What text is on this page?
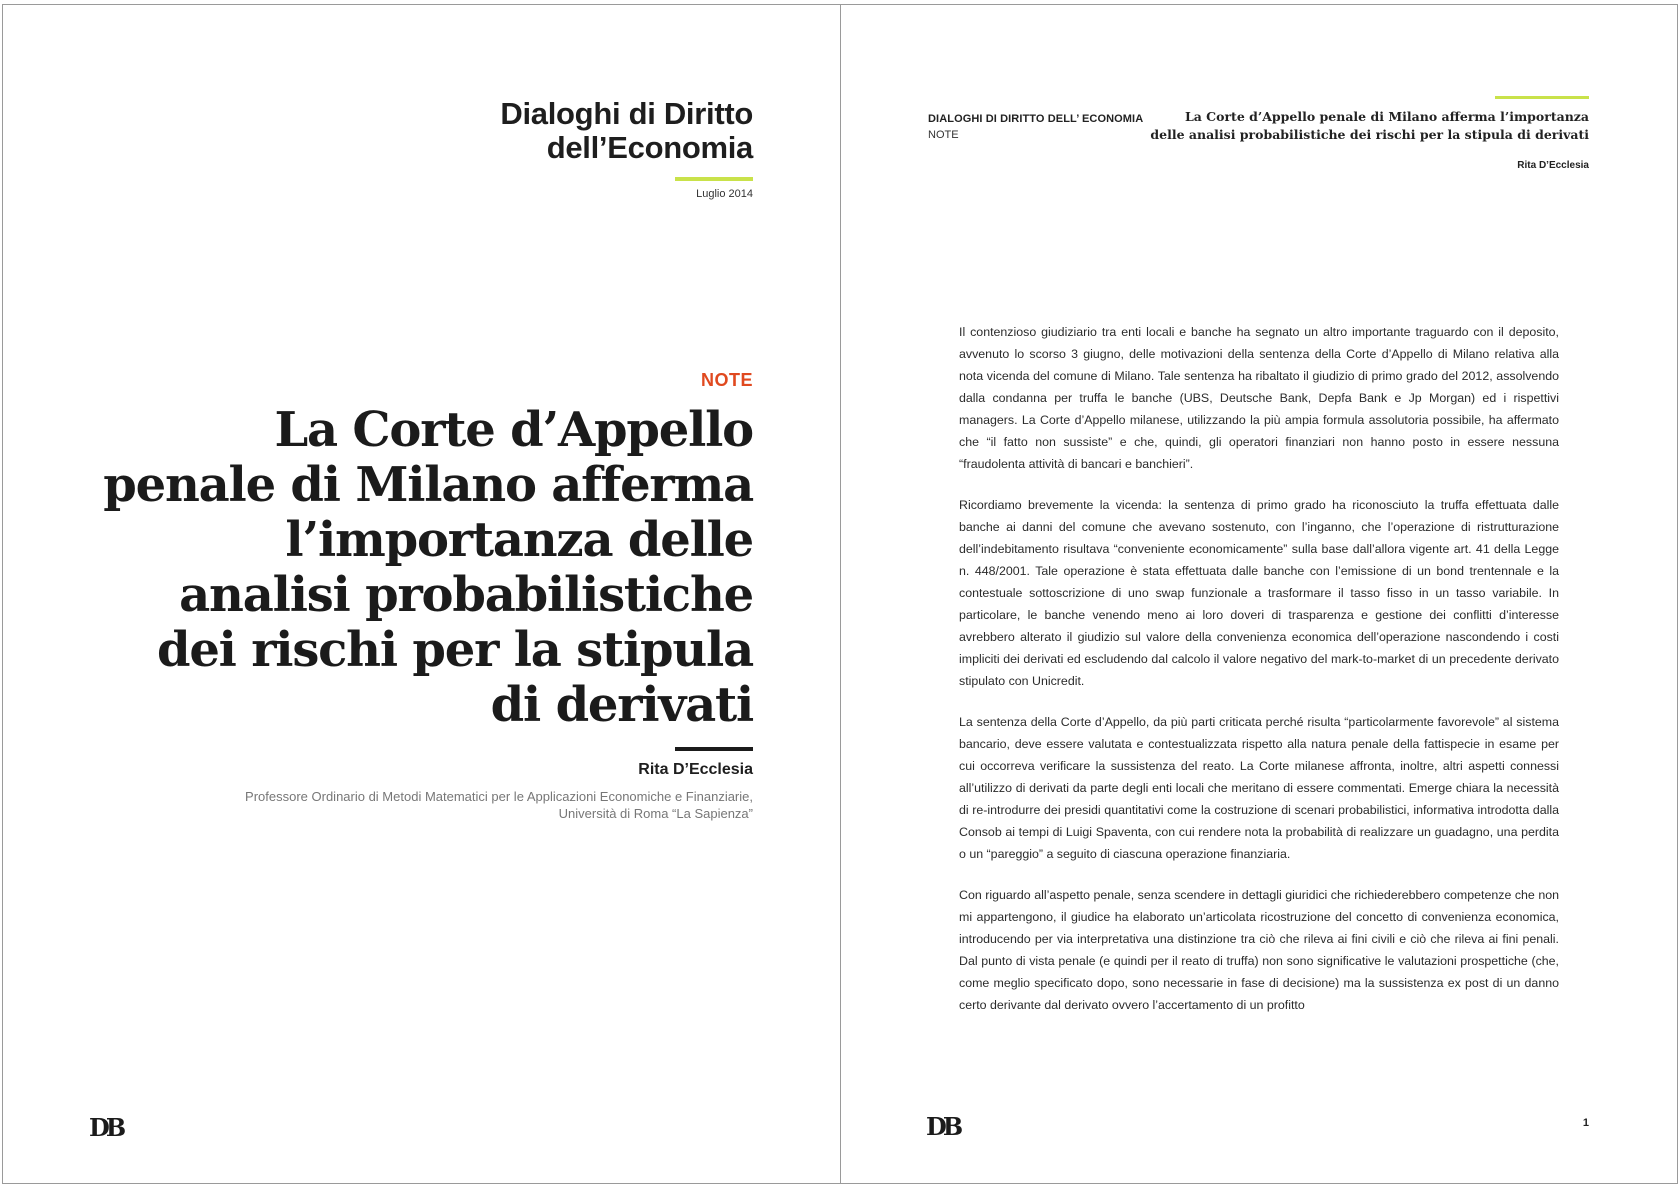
Dialoghi di Diritto
dell’Economia
Luglio 2014
NOTE
La Corte d’Appello
penale di Milano afferma
l’importanza delle
analisi probabilistiche
dei rischi per la stipula
di derivati
Rita D’Ecclesia
Professore Ordinario di Metodi Matematici per le Applicazioni Economiche e Finanziarie,
Università di Roma “La Sapienza”
DB
DIALOGHI DI DIRITTO DELL’ ECONOMIA
NOTE
La Corte d’Appello penale di Milano afferma l’importanza
delle analisi probabilistiche dei rischi per la stipula di derivati
Rita D’Ecclesia

Il contenzioso giudiziario tra enti locali e banche ha segnato un altro importante traguardo con il deposito, avvenuto lo scorso 3 giugno, delle motivazioni della sentenza della Corte d’Appello di Milano relativa alla nota vicenda del comune di Milano. Tale sentenza ha ribaltato il giudizio di primo grado del 2012, assolvendo dalla condanna per truffa le banche (UBS, Deutsche Bank, Depfa Bank e Jp Morgan) ed i rispettivi managers. La Corte d’Appello milanese, utilizzando la più ampia formula assolutoria possibile, ha affermato che “il fatto non sussiste” e che, quindi, gli operatori finanziari non hanno posto in essere nessuna “fraudolenta attività di bancari e banchieri”.

Ricordiamo brevemente la vicenda: la sentenza di primo grado ha riconosciuto la truffa effettuata dalle banche ai danni del comune che avevano sostenuto, con l’inganno, che l’operazione di ristrutturazione dell’indebitamento risultava “conveniente economicamente” sulla base dall’allora vigente art. 41 della Legge n. 448/2001. Tale operazione è stata effettuata dalle banche con l’emissione di un bond trentennale e la contestuale sottoscrizione di uno swap funzionale a trasformare il tasso fisso in un tasso variabile. In particolare, le banche venendo meno ai loro doveri di trasparenza e gestione dei conflitti d’interesse avrebbero alterato il giudizio sul valore della convenienza economica dell’operazione nascondendo i costi impliciti dei derivati ed escludendo dal calcolo il valore negativo del mark-to-market di un precedente derivato stipulato con Unicredit.

La sentenza della Corte d’Appello, da più parti criticata perché risulta “particolarmente favorevole” al sistema bancario, deve essere valutata e contestualizzata rispetto alla natura penale della fattispecie in esame per cui occorreva verificare la sussistenza del reato. La Corte milanese affronta, inoltre, altri aspetti connessi all’utilizzo di derivati da parte degli enti locali che meritano di essere commentati. Emerge chiara la necessità di re-introdurre dei presidi quantitativi come la costruzione di scenari probabilistici, informativa introdotta dalla Consob ai tempi di Luigi Spaventa, con cui rendere nota la probabilità di realizzare un guadagno, una perdita o un “pareggio” a seguito di ciascuna operazione finanziaria.

Con riguardo all’aspetto penale, senza scendere in dettagli giuridici che richiederebbero competenze che non mi appartengono, il giudice ha elaborato un’articolata ricostruzione del concetto di convenienza economica, introducendo per via interpretativa una distinzione tra ciò che rileva ai fini civili e ciò che rileva ai fini penali. Dal punto di vista penale (e quindi per il reato di truffa) non sono significative le valutazioni prospettiche (che, come meglio specificato dopo, sono necessarie in fase di decisione) ma la sussistenza ex post di un danno certo derivante dal derivato ovvero l’accertamento di un profitto

DB	1
